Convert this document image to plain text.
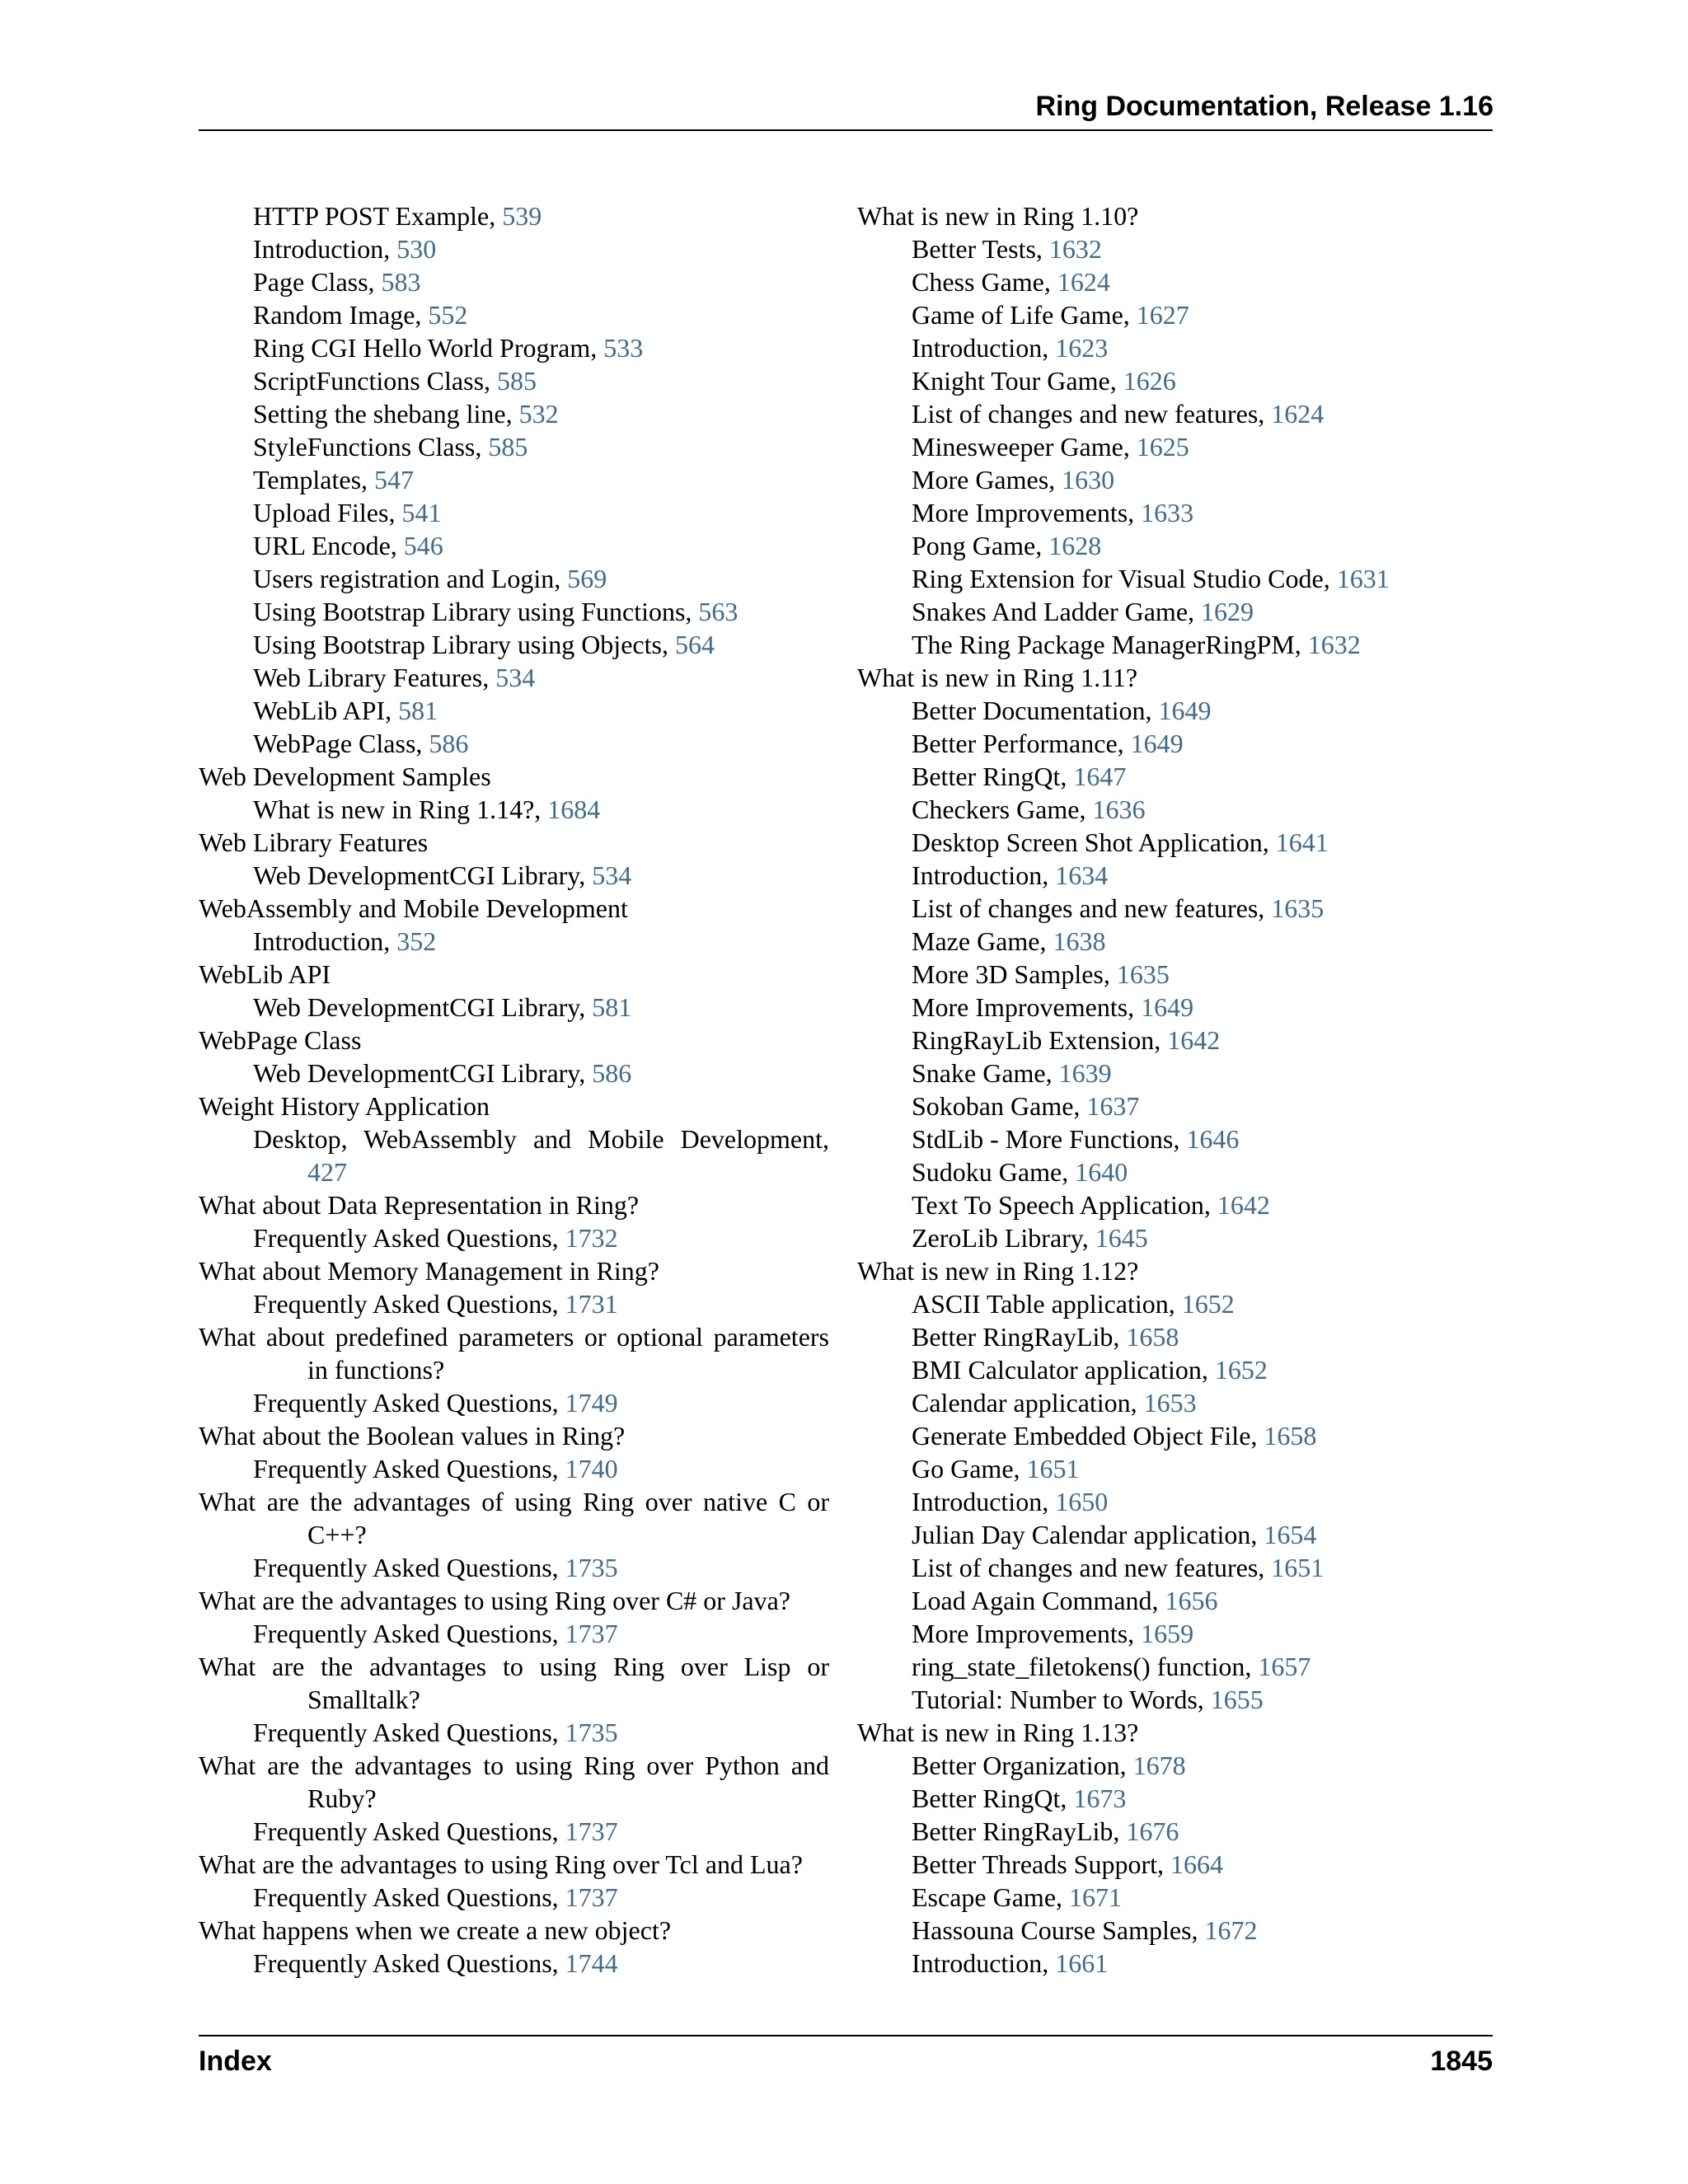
Ring Documentation, Release 1.16
HTTP POST Example, 539
Introduction, 530
Page Class, 583
Random Image, 552
Ring CGI Hello World Program, 533
ScriptFunctions Class, 585
Setting the shebang line, 532
StyleFunctions Class, 585
Templates, 547
Upload Files, 541
URL Encode, 546
Users registration and Login, 569
Using Bootstrap Library using Functions, 563
Using Bootstrap Library using Objects, 564
Web Library Features, 534
WebLib API, 581
WebPage Class, 586
Web Development Samples
What is new in Ring 1.14?, 1684
Web Library Features
Web DevelopmentCGI Library, 534
WebAssembly and Mobile Development
Introduction, 352
WebLib API
Web DevelopmentCGI Library, 581
WebPage Class
Web DevelopmentCGI Library, 586
Weight History Application
Desktop, WebAssembly and Mobile Development,
427
What about Data Representation in Ring?
Frequently Asked Questions, 1732
What about Memory Management in Ring?
Frequently Asked Questions, 1731
What about predefined parameters or optional parameters
in functions?
Frequently Asked Questions, 1749
What about the Boolean values in Ring?
Frequently Asked Questions, 1740
What are the advantages of using Ring over native C or
C++?
Frequently Asked Questions, 1735
What are the advantages to using Ring over C# or Java?
Frequently Asked Questions, 1737
What are the advantages to using Ring over Lisp or
Smalltalk?
Frequently Asked Questions, 1735
What are the advantages to using Ring over Python and
Ruby?
Frequently Asked Questions, 1737
What are the advantages to using Ring over Tcl and Lua?
Frequently Asked Questions, 1737
What happens when we create a new object?
Frequently Asked Questions, 1744
What is new in Ring 1.10?
Better Tests, 1632
Chess Game, 1624
Game of Life Game, 1627
Introduction, 1623
Knight Tour Game, 1626
List of changes and new features, 1624
Minesweeper Game, 1625
More Games, 1630
More Improvements, 1633
Pong Game, 1628
Ring Extension for Visual Studio Code, 1631
Snakes And Ladder Game, 1629
The Ring Package ManagerRingPM, 1632
What is new in Ring 1.11?
Better Documentation, 1649
Better Performance, 1649
Better RingQt, 1647
Checkers Game, 1636
Desktop Screen Shot Application, 1641
Introduction, 1634
List of changes and new features, 1635
Maze Game, 1638
More 3D Samples, 1635
More Improvements, 1649
RingRayLib Extension, 1642
Snake Game, 1639
Sokoban Game, 1637
StdLib - More Functions, 1646
Sudoku Game, 1640
Text To Speech Application, 1642
ZeroLib Library, 1645
What is new in Ring 1.12?
ASCII Table application, 1652
Better RingRayLib, 1658
BMI Calculator application, 1652
Calendar application, 1653
Generate Embedded Object File, 1658
Go Game, 1651
Introduction, 1650
Julian Day Calendar application, 1654
List of changes and new features, 1651
Load Again Command, 1656
More Improvements, 1659
ring_state_filetokens() function, 1657
Tutorial: Number to Words, 1655
What is new in Ring 1.13?
Better Organization, 1678
Better RingQt, 1673
Better RingRayLib, 1676
Better Threads Support, 1664
Escape Game, 1671
Hassouna Course Samples, 1672
Introduction, 1661
Index	1845
